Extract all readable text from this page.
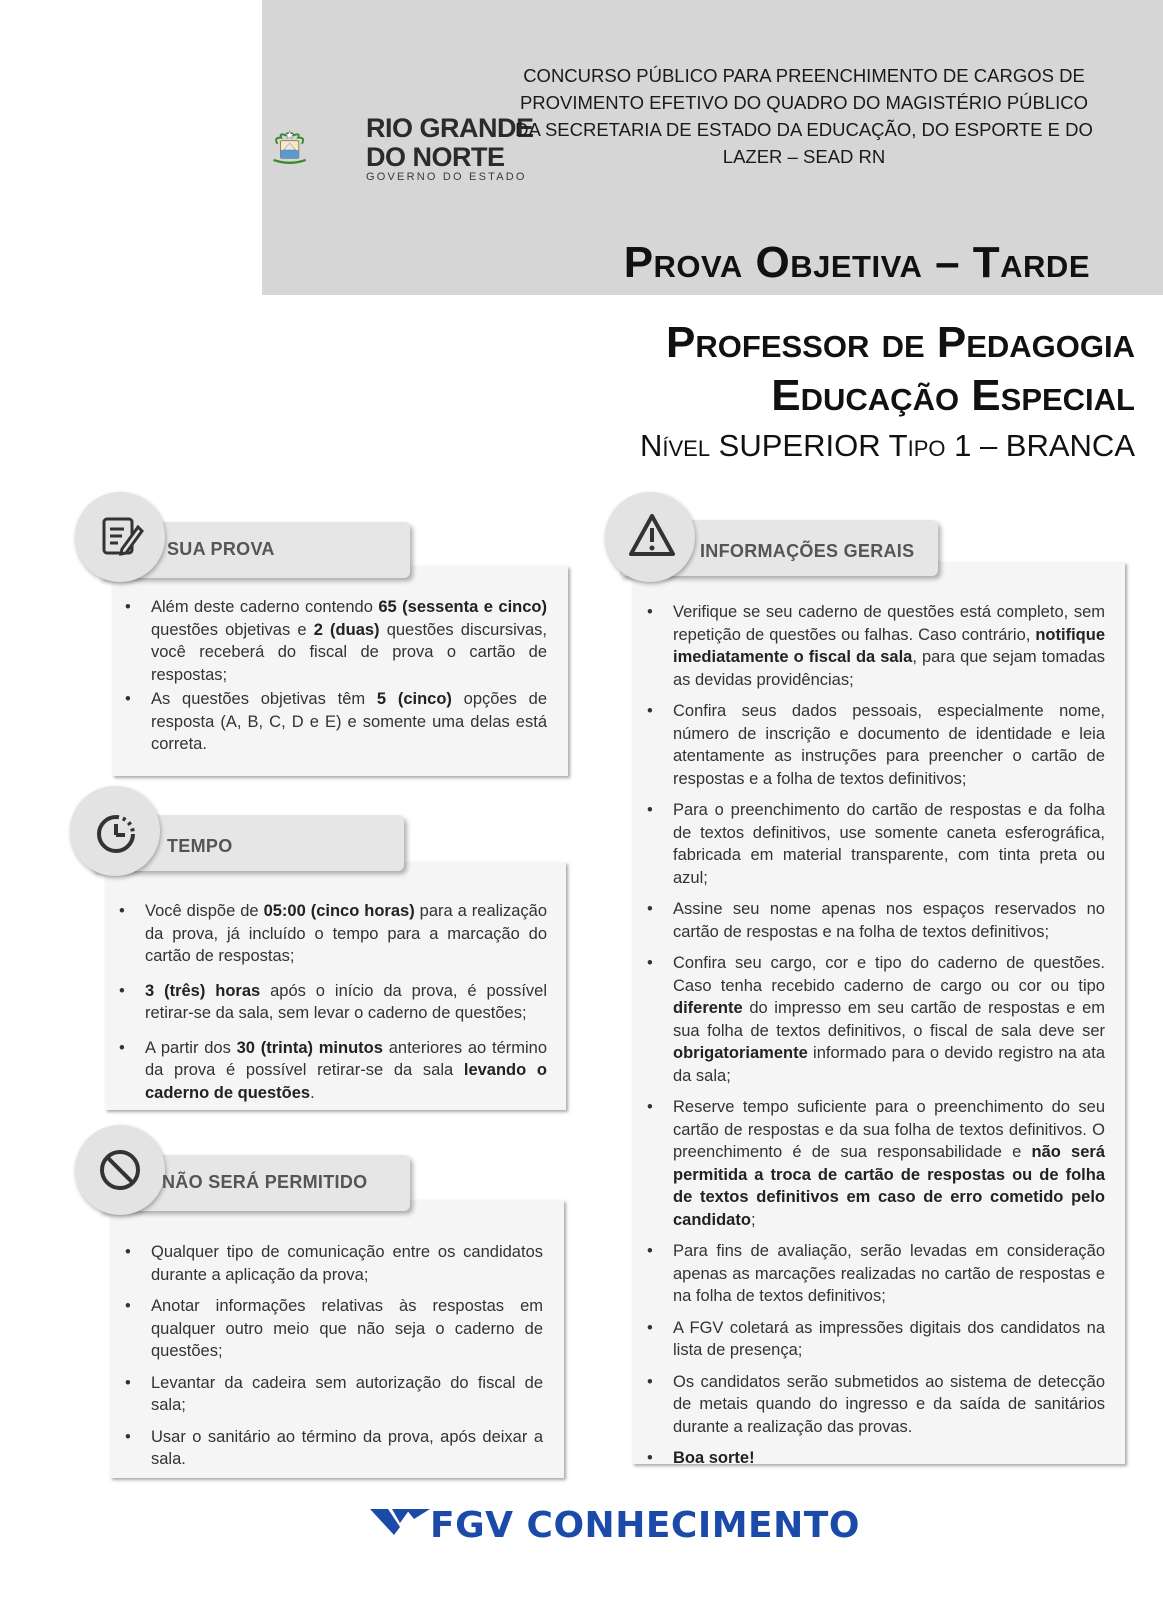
RIO GRANDE
DO NORTE
GOVERNO DO ESTADO
CONCURSO PÚBLICO PARA PREENCHIMENTO DE CARGOS DE
PROVIMENTO EFETIVO DO QUADRO DO MAGISTÉRIO PÚBLICO
DA SECRETARIA DE ESTADO DA EDUCAÇÃO, DO ESPORTE E DO
LAZER – SEAD RN
Prova Objetiva – Tarde
Professor de Pedagogia
Educação Especial
Nível SUPERIOR Tipo 1 – BRANCA
SUA PROVA
• Além deste caderno contendo 65 (sessenta e cinco) questões objetivas e 2 (duas) questões discursivas, você receberá do fiscal de prova o cartão de respostas;
• As questões objetivas têm 5 (cinco) opções de resposta (A, B, C, D e E) e somente uma delas está correta.
TEMPO
• Você dispõe de 05:00 (cinco horas) para a realização da prova, já incluído o tempo para a marcação do cartão de respostas;
• 3 (três) horas após o início da prova, é possível retirar-se da sala, sem levar o caderno de questões;
• A partir dos 30 (trinta) minutos anteriores ao término da prova é possível retirar-se da sala levando o caderno de questões.
NÃO SERÁ PERMITIDO
• Qualquer tipo de comunicação entre os candidatos durante a aplicação da prova;
• Anotar informações relativas às respostas em qualquer outro meio que não seja o caderno de questões;
• Levantar da cadeira sem autorização do fiscal de sala;
• Usar o sanitário ao término da prova, após deixar a sala.
INFORMAÇÕES GERAIS
• Verifique se seu caderno de questões está completo, sem repetição de questões ou falhas. Caso contrário, notifique imediatamente o fiscal da sala, para que sejam tomadas as devidas providências;
• Confira seus dados pessoais, especialmente nome, número de inscrição e documento de identidade e leia atentamente as instruções para preencher o cartão de respostas e a folha de textos definitivos;
• Para o preenchimento do cartão de respostas e da folha de textos definitivos, use somente caneta esferográfica, fabricada em material transparente, com tinta preta ou azul;
• Assine seu nome apenas nos espaços reservados no cartão de respostas e na folha de textos definitivos;
• Confira seu cargo, cor e tipo do caderno de questões. Caso tenha recebido caderno de cargo ou cor ou tipo diferente do impresso em seu cartão de respostas e em sua folha de textos definitivos, o fiscal de sala deve ser obrigatoriamente informado para o devido registro na ata da sala;
• Reserve tempo suficiente para o preenchimento do seu cartão de respostas e da sua folha de textos definitivos. O preenchimento é de sua responsabilidade e não será permitida a troca de cartão de respostas ou de folha de textos definitivos em caso de erro cometido pelo candidato;
• Para fins de avaliação, serão levadas em consideração apenas as marcações realizadas no cartão de respostas e na folha de textos definitivos;
• A FGV coletará as impressões digitais dos candidatos na lista de presença;
• Os candidatos serão submetidos ao sistema de detecção de metais quando do ingresso e da saída de sanitários durante a realização das provas.
• Boa sorte!
FGV CONHECIMENTO
